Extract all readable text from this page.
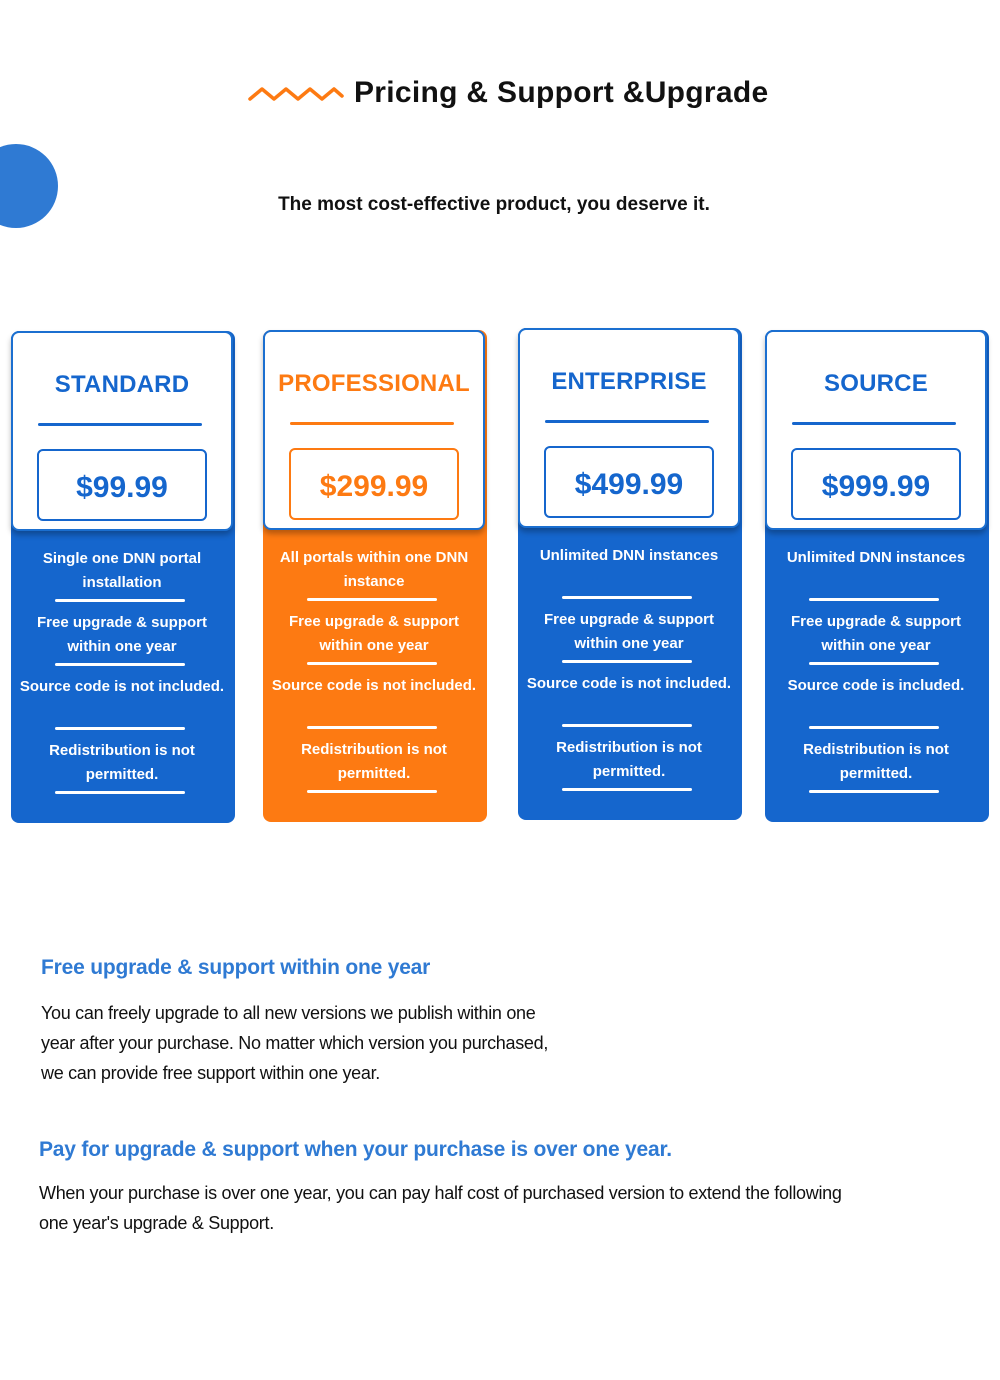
Pricing & Support &Upgrade
The most cost-effective product, you deserve it.
STANDARD
$99.99
Single one DNN portal installation
Free upgrade & support within one year
Source code is not included.
Redistribution is not permitted.
PROFESSIONAL
$299.99
All portals within one DNN instance
Free upgrade & support within one year
Source code is not included.
Redistribution is not permitted.
ENTERPRISE
$499.99
Unlimited DNN instances
Free upgrade & support within one year
Source code is not included.
Redistribution is not permitted.
SOURCE
$999.99
Unlimited DNN instances
Free upgrade & support within one year
Source code is included.
Redistribution is not permitted.
Free upgrade & support within one year
You can freely upgrade to all new versions we publish within one year after your purchase. No matter which version you purchased, we can provide free support within one year.
Pay for upgrade & support when your purchase is over one year.
When your purchase is over one year, you can pay half cost of purchased version to extend the following one year's upgrade & Support.
